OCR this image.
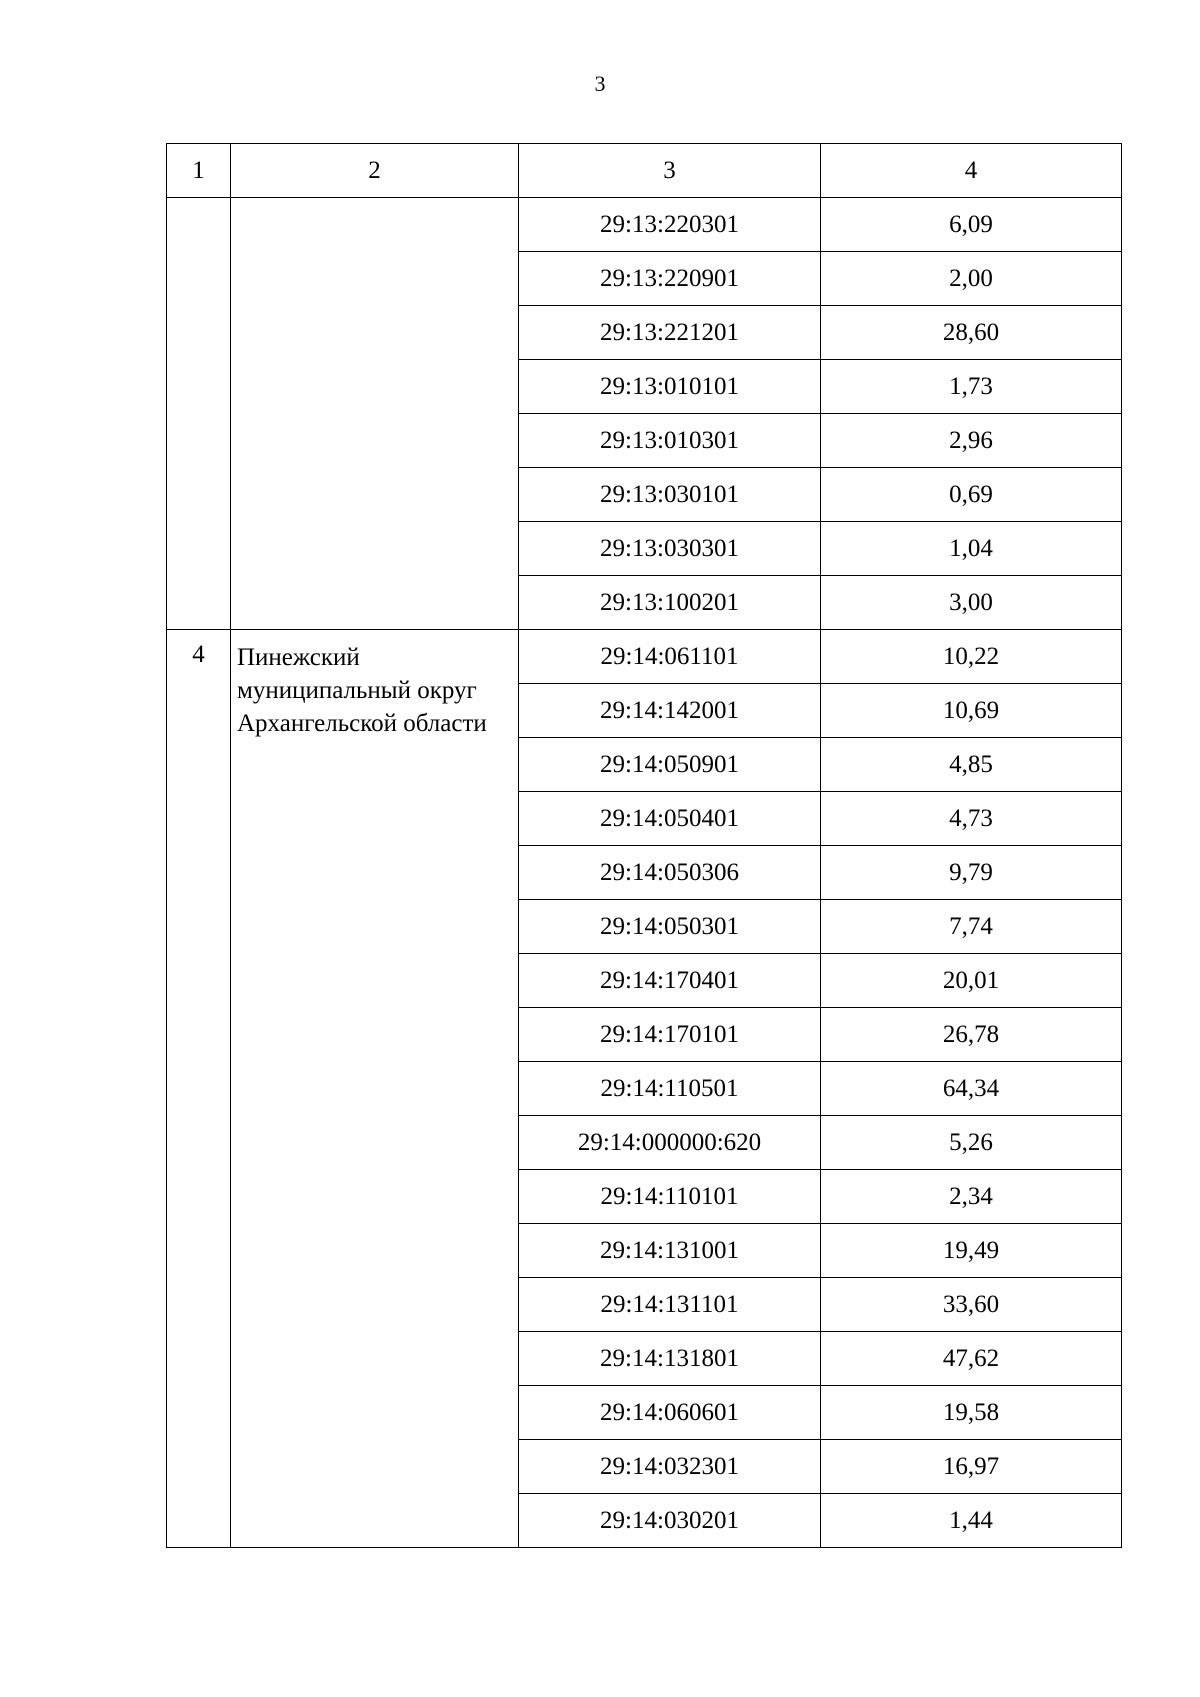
3
1	2	3	4
		29:13:220301	6,09
		29:13:220901	2,00
		29:13:221201	28,60
		29:13:010101	1,73
		29:13:010301	2,96
		29:13:030101	0,69
		29:13:030301	1,04
		29:13:100201	3,00
4	Пинежский муниципальный округ Архангельской области	29:14:061101	10,22
		29:14:142001	10,69
		29:14:050901	4,85
		29:14:050401	4,73
		29:14:050306	9,79
		29:14:050301	7,74
		29:14:170401	20,01
		29:14:170101	26,78
		29:14:110501	64,34
		29:14:000000:620	5,26
		29:14:110101	2,34
		29:14:131001	19,49
		29:14:131101	33,60
		29:14:131801	47,62
		29:14:060601	19,58
		29:14:032301	16,97
		29:14:030201	1,44
